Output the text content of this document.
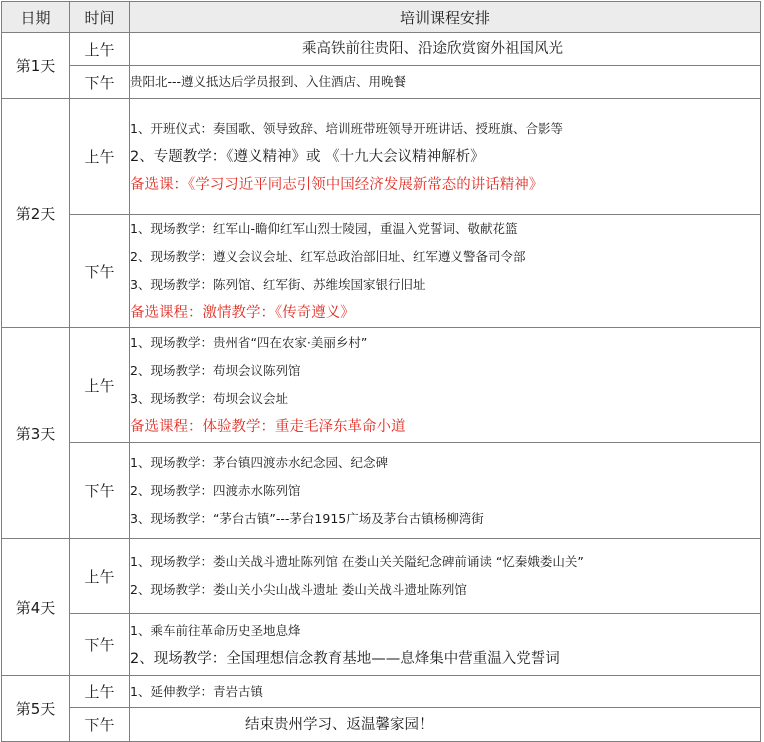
日期	时间	培训课程安排
第1天	上午	乘高铁前往贵阳、沿途欣赏窗外祖国风光

	下午	贵阳北---遵义抵达后学员报到、入住酒店、用晚餐

第2天	上午	1、开班仪式：奏国歌、领导致辞、培训班带班领导开班讲话、授班旗、合影等
2、专题教学：《遵义精神》或 《十九大会议精神解析》
备选课：《学习习近平同志引领中国经济发展新常态的讲话精神》

	下午	1、现场教学：红军山-瞻仰红军山烈士陵园，重温入党誓词、敬献花篮
2、现场教学：遵义会议会址、红军总政治部旧址、红军遵义警备司令部
3、现场教学：陈列馆、红军街、苏维埃国家银行旧址
备选课程：激情教学：《传奇遵义》

第3天	上午	1、现场教学：贵州省“四在农家·美丽乡村”
2、现场教学：苟坝会议陈列馆
3、现场教学：苟坝会议会址
备选课程：体验教学：重走毛泽东革命小道

	下午	1、现场教学：茅台镇四渡赤水纪念园、纪念碑
2、现场教学：四渡赤水陈列馆
3、现场教学：“茅台古镇”---茅台1915广场及茅台古镇杨柳湾街

第4天	上午	1、现场教学：娄山关战斗遗址陈列馆 在娄山关关隘纪念碑前诵读 “忆秦娥娄山关”
2、现场教学：娄山关小尖山战斗遗址 娄山关战斗遗址陈列馆

	下午	1、乘车前往革命历史圣地息烽
2、现场教学：全国理想信念教育基地——息烽集中营重温入党誓词

第5天	上午	1、延伸教学：青岩古镇

	下午	结束贵州学习、返温馨家园！
